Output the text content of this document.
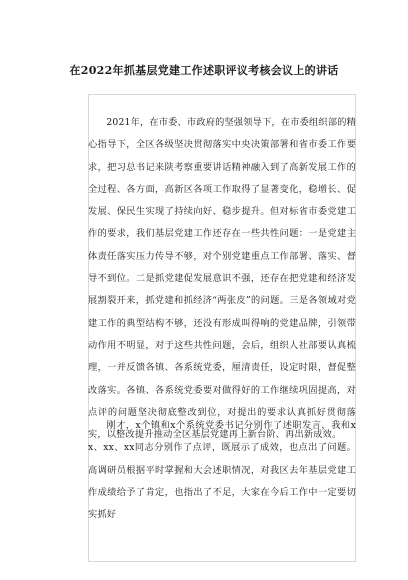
在2022年抓基层党建工作述职评议考核会议上的讲话

2021年，在市委、市政府的坚强领导下，在市委组织部的精心指导下，全区各级坚决贯彻落实中央决策部署和省市委工作要求，把习总书记来陕考察重要讲话精神融入到了高新发展工作的全过程、各方面，高新区各项工作取得了显著变化，稳增长、促发展、保民生实现了持续向好、稳步提升。但对标省市委党建工作的要求，我们基层党建工作还存在一些共性问题：一是党建主体责任落实压力传导不够，对个别党建重点工作部署、落实、督导不到位。二是抓党建促发展意识不强，还存在把党建和经济发展割裂开来，抓党建和抓经济“两张皮”的问题。三是各领域对党建工作的典型结构不够，还没有形成叫得响的党建品牌，引领带动作用不明显，对于这些共性问题，会后，组织人社部要认真梳理，一并反馈各镇、各系统党委，厘清责任，设定时限，督促整改落实。各镇、各系统党委要对做得好的工作继续巩固提高，对点评的问题坚决彻底整改到位，对提出的要求认真抓好贯彻落实，以整改提升推动全区基层党建再上新台阶、再出新成效。

刚才，x个镇和x个系统党委书记分别作了述职发言，我和xx、xx、xx同志分别作了点评，既展示了成效，也点出了问题。高调研员根据平时掌握和大会述职情况，对我区去年基层党建工作成绩给予了肯定，也指出了不足，大家在今后工作中一定要切实抓好
